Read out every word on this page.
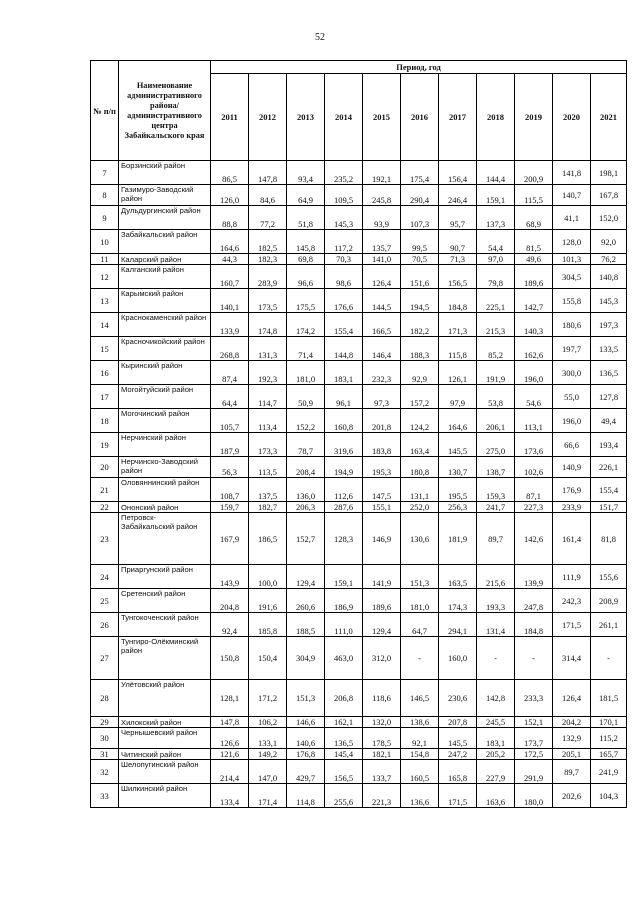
52
№ п/п	Наименование административного района/ административного центра Забайкальского края	Период, год										
		2011	2012	2013	2014	2015	2016	2017	2018	2019	2020	2021
7	Борзинский район	86,5	147,8	93,4	235,2	192,1	175,4	156,4	144,4	200,9	141,8	198,1
8	Газимуро-Заводский район	126,0	84,6	64,9	109,5	245,8	290,4	246,4	159,1	115,5	140,7	167,8
9	Дульдургинский район	88,8	77,2	51,8	145,3	93,9	107,3	95,7	137,3	68,9	41,1	152,0
10	Забайкальский район	164,6	182,5	145,8	117,2	135,7	99,5	90,7	54,4	81,5	128,0	92,0
11	Каларский район	44,3	182,3	69,8	70,3	141,0	70,5	71,3	97,0	49,6	101,3	76,2
12	Калганский район	160,7	283,9	96,6	98,6	126,4	151,6	156,5	79,8	189,6	304,5	140,8
13	Карымский район	140,1	173,5	175,5	176,6	144,5	194,5	184,8	225,1	142,7	155,8	145,3
14	Краснокаменский район	133,9	174,8	174,2	155,4	166,5	182,2	171,3	215,3	140,3	180,6	197,3
15	Красночикойский район	268,8	131,3	71,4	144,8	146,4	188,3	115,8	85,2	162,6	197,7	133,5
16	Кыринский район	87,4	192,3	181,0	183,1	232,3	92,9	126,1	191,9	196,0	300,0	136,5
17	Могойтуйский район	64,4	114,7	50,9	96,1	97,3	157,2	97,9	53,8	54,6	55,0	127,8
18	Могочинский район	105,7	113,4	152,2	160,8	201,8	124,2	164,6	206,1	113,1	196,0	49,4
19	Нерчинский район	187,9	173,3	78,7	319,6	183,8	163,4	145,5	275,0	173,6	66,6	193,4
20	Нерчинско-Заводский район	56,3	113,5	208,4	194,9	195,3	180,8	130,7	138,7	102,6	140,9	226,1
21	Оловяннинский район	108,7	137,5	136,0	112,6	147,5	131,1	195,5	159,3	87,1	176,9	155,4
22	Ононский район	159,7	182,7	206,3	287,6	155,1	252,0	256,3	241,7	227,3	233,9	151,7
23	Петровск-Забайкальский район	167,9	186,5	152,7	128,3	146,9	130,6	181,9	89,7	142,6	161,4	81,8
24	Приаргунский район	143,9	100,0	129,4	159,1	141,9	151,3	163,5	215,6	139,9	111,9	155,6
25	Сретенский район	204,8	191,6	260,6	186,9	189,6	181,0	174,3	193,3	247,8	242,3	208,9
26	Тунгокоченский район	92,4	185,8	188,5	111,0	129,4	64,7	294,1	131,4	184,8	171,5	261,1
27	Тунгиро-Олёкминский район	150,8	150,4	304,9	463,0	312,0	-	160,0	-	-	314,4	-
28	Улётовский район	128,1	171,2	151,3	206,8	118,6	146,5	230,6	142,8	233,3	126,4	181,5
29	Хилокский район	147,8	106,2	146,6	162,1	132,0	138,6	207,8	245,5	152,1	204,2	170,1
30	Чернышевский район	126,6	133,1	140,6	136,5	178,5	92,1	145,5	183,1	173,7	132,9	115,2
31	Читинский район	121,6	149,2	176,8	145,4	182,1	154,8	247,2	205,2	172,5	205,1	165,7
32	Шелопугинский район	214,4	147,0	429,7	156,5	133,7	160,5	165,8	227,9	291,9	89,7	241,9
33	Шилкинский район	133,4	171,4	114,8	255,6	221,3	136,6	171,5	163,6	180,0	202,6	104,3
